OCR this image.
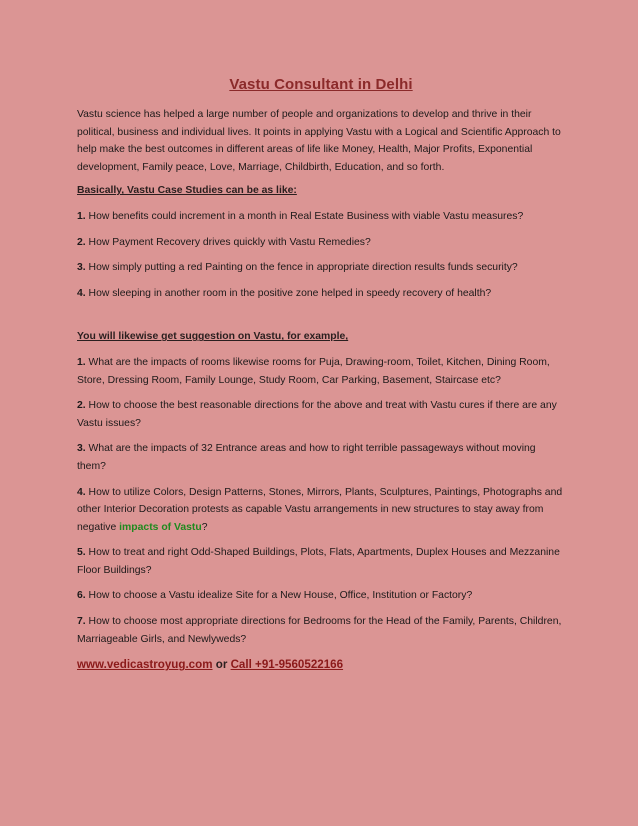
Vastu Consultant in Delhi

Vastu science has helped a large number of people and organizations to develop and thrive in their political, business and individual lives. It points in applying Vastu with a Logical and Scientific Approach to help make the best outcomes in different areas of life like Money, Health, Major Profits, Exponential development, Family peace, Love, Marriage, Childbirth, Education, and so forth.

Basically, Vastu Case Studies can be as like:

1. How benefits could increment in a month in Real Estate Business with viable Vastu measures?

2. How Payment Recovery drives quickly with Vastu Remedies?

3. How simply putting a red Painting on the fence in appropriate direction results funds security?

4. How sleeping in another room in the positive zone helped in speedy recovery of health?

You will likewise get suggestion on Vastu, for example,

1. What are the impacts of rooms likewise rooms for Puja, Drawing-room, Toilet, Kitchen, Dining Room, Store, Dressing Room, Family Lounge, Study Room, Car Parking, Basement, Staircase etc?

2. How to choose the best reasonable directions for the above and treat with Vastu cures if there are any Vastu issues?

3. What are the impacts of 32 Entrance areas and how to right terrible passageways without moving them?

4. How to utilize Colors, Design Patterns, Stones, Mirrors, Plants, Sculptures, Paintings, Photographs and other Interior Decoration protests as capable Vastu arrangements in new structures to stay away from negative impacts of Vastu?

5. How to treat and right Odd-Shaped Buildings, Plots, Flats, Apartments, Duplex Houses and Mezzanine Floor Buildings?

6. How to choose a Vastu idealize Site for a New House, Office, Institution or Factory?

7. How to choose most appropriate directions for Bedrooms for the Head of the Family, Parents, Children, Marriageable Girls, and Newlyweds?

www.vedicastroyug.com or Call +91-9560522166
